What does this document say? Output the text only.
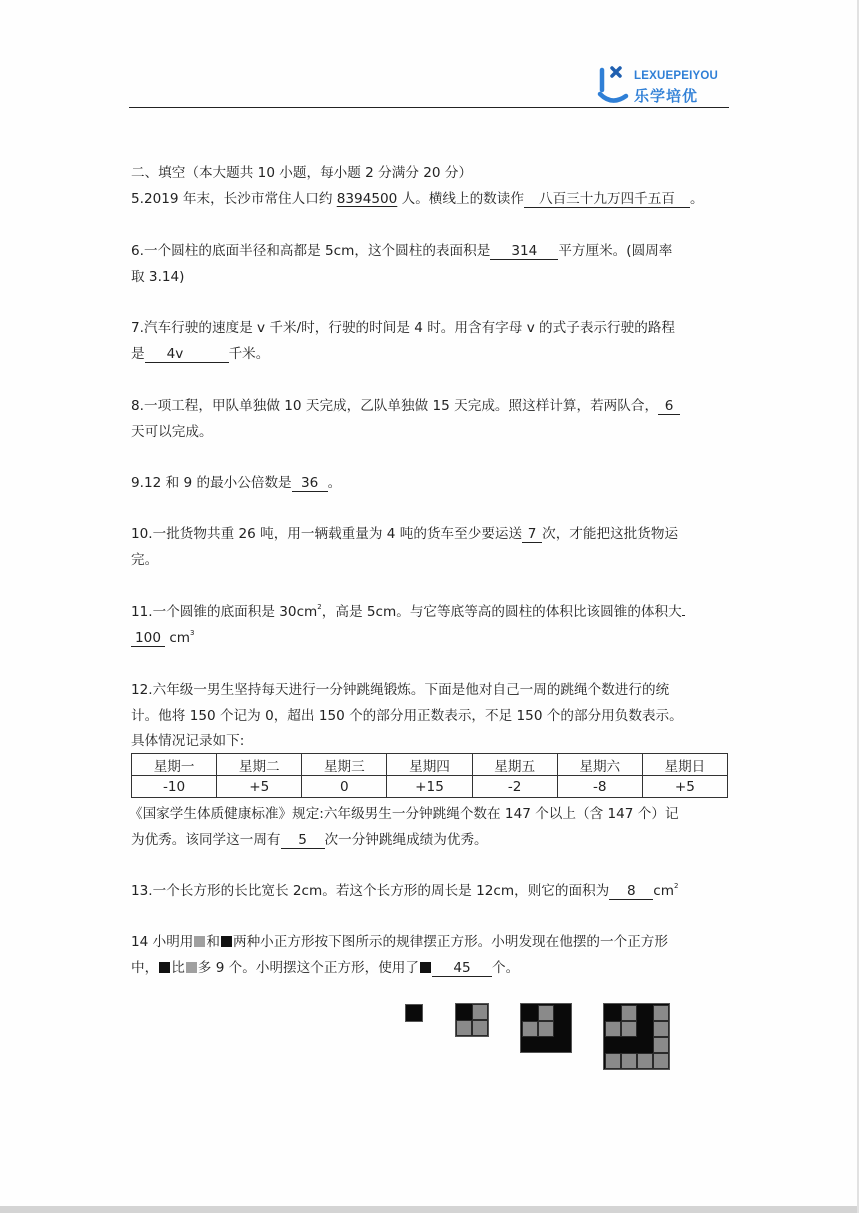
LEXUEPEIYOU
乐学培优
二、填空（本大题共 10 小题，每小题 2 分满分 20 分）
5.2019 年末，长沙市常住人口约 8394500 人。横线上的数读作 八百三十九万四千五百 。
6.一个圆柱的底面半径和高都是 5cm，这个圆柱的表面积是 314 平方厘米。(圆周率
取 3.14)
7.汽车行驶的速度是 v 千米/时，行驶的时间是 4 时。用含有字母 v 的式子表示行驶的路程
是 4v	千米。
8.一项工程，甲队单独做 10 天完成，乙队单独做 15 天完成。照这样计算，若两队合， 6
天可以完成。
9.12 和 9 的最小公倍数是 36 。
10.一批货物共重 26 吨，用一辆载重量为 4 吨的货车至少要运送 7 次，才能把这批货物运
完。
11.一个圆锥的底面积是 $30cm^2$，高是 5cm。与它等底等高的圆柱的体积比该圆锥的体积大
100 $cm^3$
12.六年级一男生坚持每天进行一分钟跳绳锻炼。下面是他对自己一周的跳绳个数进行的统
计。他将 150 个记为 0，超出 150 个的部分用正数表示，不足 150 个的部分用负数表示。
具体情况记录如下:
星期一	星期二	星期三	星期四	星期五	星期六	星期日
-10	+5	0	+15	-2	-8	+5
《国家学生体质健康标准》规定:六年级男生一分钟跳绳个数在 147 个以上（含 147 个）记
为优秀。该同学这一周有 5 次一分钟跳绳成绩为优秀。
13.一个长方形的长比宽长 2cm。若这个长方形的周长是 12cm，则它的面积为 8 $cm^2$
14 小明用 和 两种小正方形按下图所示的规律摆正方形。小明发现在他摆的一个正方形
中， 比 多 9 个。小明摆这个正方形，使用了	45 个。
